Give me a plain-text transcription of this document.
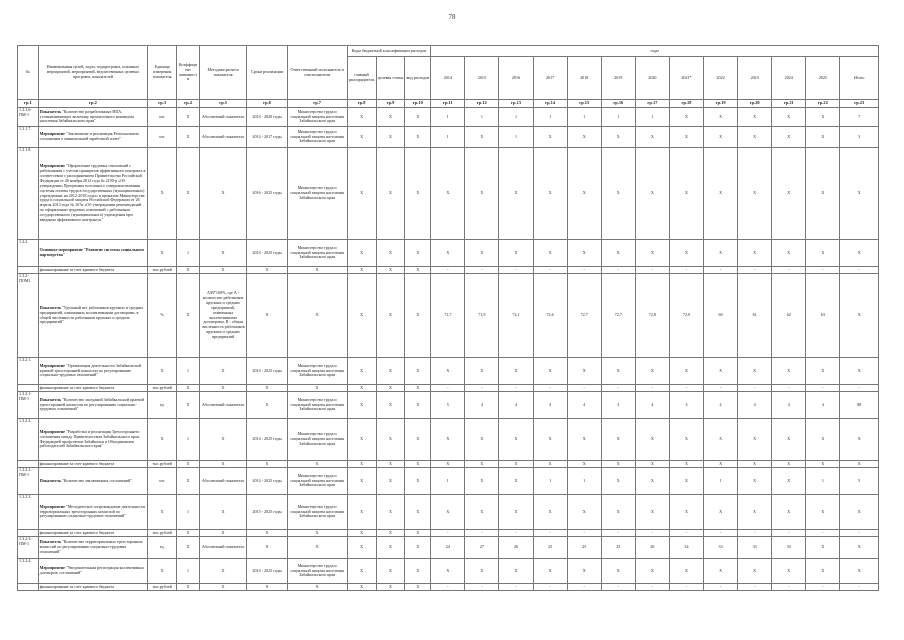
78
№	Наименования целей, задач, подпрограмм, основных мероприятий, мероприятий, ведомственных целевых программ, показателей	Единица измерения показателя	Коэффициент значимости	Методика расчета показателя	Сроки реализации	Ответственный исполнитель и соисполнители	Коды бюджетной классификации расходов			годы												
							главный распорядитель	целевая статья	вид расходов	2014	2015	2016	2017	2018	2019	2020	2021*	2022	2023	2024	2025	Итого
гр.1	гр.2	гр.3	гр.4	гр.5	гр.6	гр.7	гр.8	гр.9	гр.10	гр.11	гр.12	гр.13	гр.14	гр.15	гр.16	гр.17	гр.18	гр.19	гр.20	гр.21	гр.22	гр.23
1.3.1.6-ПМ-1	Показатель "Количество разработанных НПА, устанавливающих величину прожиточного минимума населения Забайкальского края"	шт.	X	Абсолютный показатель	2014 - 2020 годы	Министерство труда и социальной защиты населения Забайкальского края	X	X	X	1	1	1	1	1	1	1	X	X	X	X	X	7
1.3.1.7.	Мероприятие "Заключение и реализация Регионального соглашения о минимальной заработной плате"	шт.	X	Абсолютный показатель	2014 - 2017 годы	Министерство труда и социальной защиты населения Забайкальского края	X	X	X	1	X	1	X	X	X	X	X	X	X	X	X	3
1.3.1.8.	Мероприятие "Оформление трудовых отношений с работниками с учетом принципов эффективного контракта в соответствии с распоряжением Правительства Российской Федерации от 26 ноября 2012 года № 2190-р «Об утверждении Программы поэтапного совершенствования системы оплаты труда в государственных (муниципальных) учреждениях на 2012-2018 годы» и приказом Министерства труда и социальной защиты Российской Федерации от 26 апреля 2013 года № 167н «Об утверждении рекомендаций по оформлению трудовых отношений с работником государственного (муниципального) учреждения при введении эффективного контракта»"	X	X	X	2016 - 2025 годы	Министерство труда и социальной защиты населения Забайкальского края	X	X	X	X	X	X	X	X	X	X	X	X	X	X	X	X
1.3.2.	Основное мероприятие "Развитие системы социального партнерства"	X	1	X	2014 - 2025 годы	Министерство труда и социальной защиты населения Забайкальского края	X	X	X	X	X	X	X	X	X	X	X	X	X	X	X	X
	финансирование за счет краевого бюджета	тыс.рублей	X	X	X	X	X	X	X	-	-	-	-	-	-	-	-	-	-	-	-	-
1.3.2-ПОМ1	Показатель "Удельный вес работников крупных и средних предприятий, охваченных коллективными договорами, в общей численности работников крупных и средних предприятий"	%	X	А/В*100%, где А - количество работников крупных и средних предприятий, охваченных коллективными договорами, В - общая численность работников крупных и средних предприятий	X	X	X	X	X	71,7	71,9	72,1	72,6	72,7	72,7	72,8	72,9	60	61	62	63	X
1.3.2.1.	Мероприятие "Организация деятельности Забайкальской краевой трехсторонней комиссии по регулированию социально-трудовых отношений"	X	1	X	2014 - 2025 годы	Министерство труда и социальной защиты населения Забайкальского края	X	X	X	X	X	X	X	X	X	X	X	X	X	X	X	X
	финансирование за счет краевого бюджета	тыс.рублей	X	X	X	X	X	X	X	-	-	-	-	-	-	-	-	-	-	-	-	-
1.3.2.1-ПМ-1	Показатель "Количество заседаний Забайкальской краевой трехсторонней комиссии по регулированию социально-трудовых отношений"	ед.	X	Абсолютный показатель	X	Министерство труда и социальной защиты населения Забайкальского края	X	X	X	5	4	4	4	4	3	4	4	4	4	4	4	88
1.3.2.2.	Мероприятие "Разработка и реализация Трехстороннего соглашения между Правительством Забайкальского края, Федерацией профсоюзов Забайкалья и Объединением работодателей Забайкальского края"	X	1	X	2014 - 2025 годы	Министерство труда и социальной защиты населения Забайкальского края	X	X	X	X	X	X	X	X	X	X	X	X	X	X	X	X
	финансирование за счет краевого бюджета	тыс.рублей	X	X	X	X	X	X	X	X	X	X	X	X	X	X	X	X	X	X	X	X
1.3.2.2.-ПМ-1	Показатель "Количество заключенных соглашений"	шт.	X	Абсолютный показатель	2014 - 2025 годы	Министерство труда и социальной защиты населения Забайкальского края	X	X	X	1	X	X	1	1	X	X	X	1	X	X	1	5
1.3.2.3.	Мероприятие "Методическое сопровождение деятельности территориальных трехсторонних комиссий по регулированию социально-трудовых отношений"	X	1	X	2015 - 2025 годы	Министерство труда и социальной защиты населения Забайкальского края	X	X	X	X	X	X	X	X	X	X	X	X	X	X	X	X
	финансирование за счет краевого бюджета	тыс.рублей	X	X	X	X	X	X	X	-	-	-	-	-	-	-	-	-	-	-	-	-
1.3.2.3.-ПМ-1	Показатель "Количество территориальных трехсторонних комиссий по регулированию социально-трудовых отношений"	ед.	X	Абсолютный показатель	X	X	X	X	X	24	27	26	25	25	25	26	34	33	33	33	X	X
1.3.2.4.	Мероприятие "Уведомительная регистрация коллективных договоров, соглашений"	X	1	X	2014 - 2025 годы	Министерство труда и социальной защиты населения Забайкальского края	X	X	X	X	X	X	X	X	X	X	X	X	X	X	X	X
	финансирование за счет краевого бюджета	тыс.рублей	X	X	X	X	X	X	X	-	-	-	-	-	-	-	-	-	-	-	-	-
